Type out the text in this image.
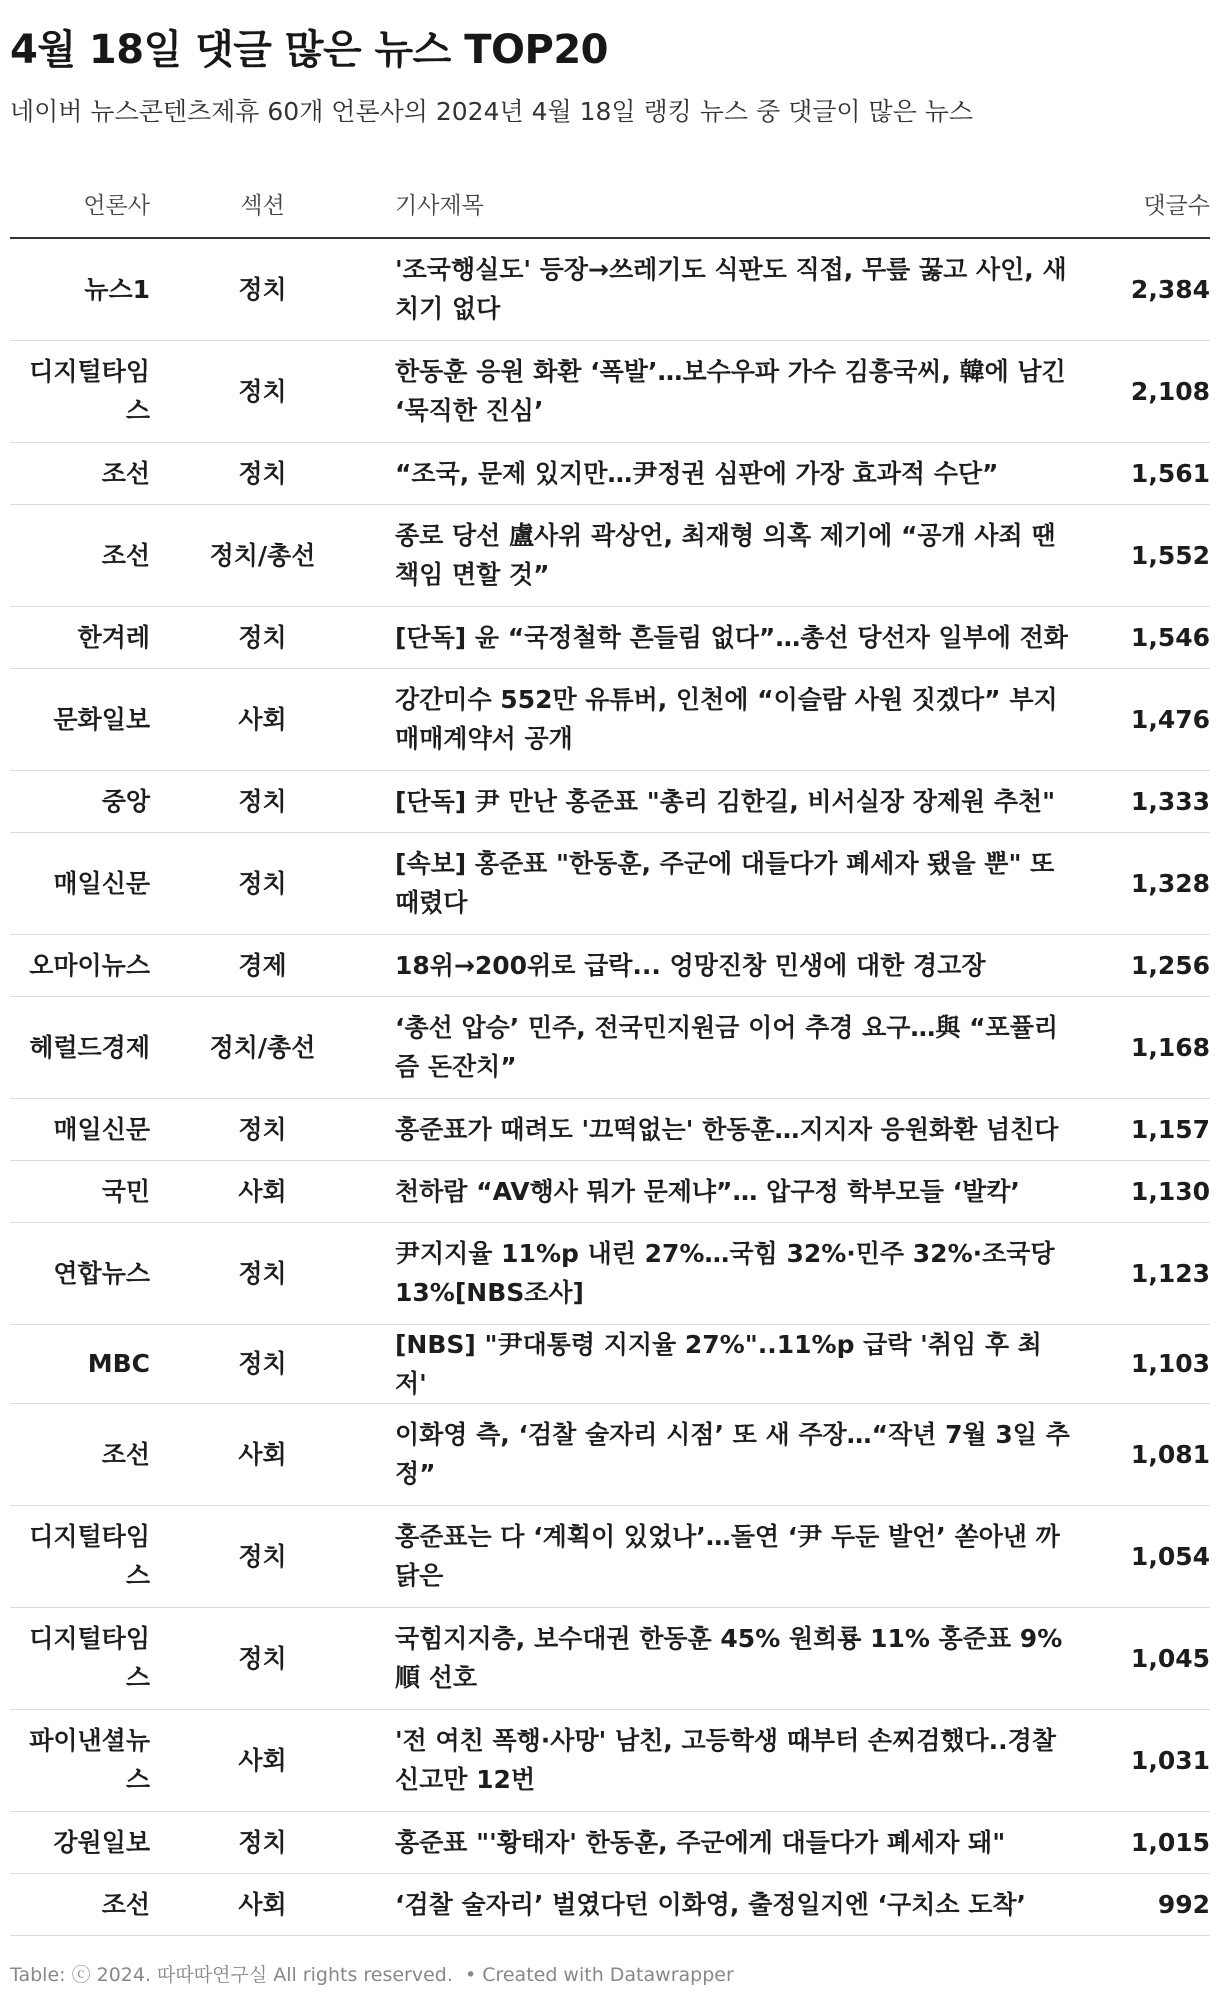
4월 18일 댓글 많은 뉴스 TOP20

네이버 뉴스콘텐츠제휴 60개 언론사의 2024년 4월 18일 랭킹 뉴스 중 댓글이 많은 뉴스

언론사	섹션	기사제목	댓글수
뉴스1	정치	'조국행실도' 등장→쓰레기도 식판도 직접, 무릎 꿇고 사인, 새치기 없다	2,384
디지털타임스	정치	한동훈 응원 화환 ‘폭발’…보수우파 가수 김흥국씨, 韓에 남긴 ‘묵직한 진심’	2,108
조선	정치	“조국, 문제 있지만…尹정권 심판에 가장 효과적 수단”	1,561
조선	정치/총선	종로 당선 盧사위 곽상언, 최재형 의혹 제기에 “공개 사죄 땐 책임 면할 것”	1,552
한겨레	정치	[단독] 윤 “국정철학 흔들림 없다”…총선 당선자 일부에 전화	1,546
문화일보	사회	강간미수 552만 유튜버, 인천에 “이슬람 사원 짓겠다” 부지 매매계약서 공개	1,476
중앙	정치	[단독] 尹 만난 홍준표 "총리 김한길, 비서실장 장제원 추천"	1,333
매일신문	정치	[속보] 홍준표 "한동훈, 주군에 대들다가 폐세자 됐을 뿐" 또 때렸다	1,328
오마이뉴스	경제	18위→200위로 급락... 엉망진창 민생에 대한 경고장	1,256
헤럴드경제	정치/총선	‘총선 압승’ 민주, 전국민지원금 이어 추경 요구…與 “포퓰리즘 돈잔치”	1,168
매일신문	정치	홍준표가 때려도 '끄떡없는' 한동훈…지지자 응원화환 넘친다	1,157
국민	사회	천하람 “AV행사 뭐가 문제냐”… 압구정 학부모들 ‘발칵’	1,130
연합뉴스	정치	尹지지율 11%p 내린 27%…국힘 32%·민주 32%·조국당 13%[NBS조사]	1,123
MBC	정치	[NBS] "尹대통령 지지율 27%"..11%p 급락 '취임 후 최저'	1,103
조선	사회	이화영 측, ‘검찰 술자리 시점’ 또 새 주장…“작년 7월 3일 추정”	1,081
디지털타임스	정치	홍준표는 다 ‘계획이 있었나’…돌연 ‘尹 두둔 발언’ 쏟아낸 까닭은	1,054
디지털타임스	정치	국힘지지층, 보수대권 한동훈 45% 원희룡 11% 홍준표 9% 順 선호	1,045
파이낸셜뉴스	사회	'전 여친 폭행·사망' 남친, 고등학생 때부터 손찌검했다..경찰 신고만 12번	1,031
강원일보	정치	홍준표 "'황태자' 한동훈, 주군에게 대들다가 폐세자 돼"	1,015
조선	사회	‘검찰 술자리’ 벌였다던 이화영, 출정일지엔 ‘구치소 도착’	992
Table: ⓒ 2024. 따따따연구실 All rights reserved. • Created with Datawrapper
